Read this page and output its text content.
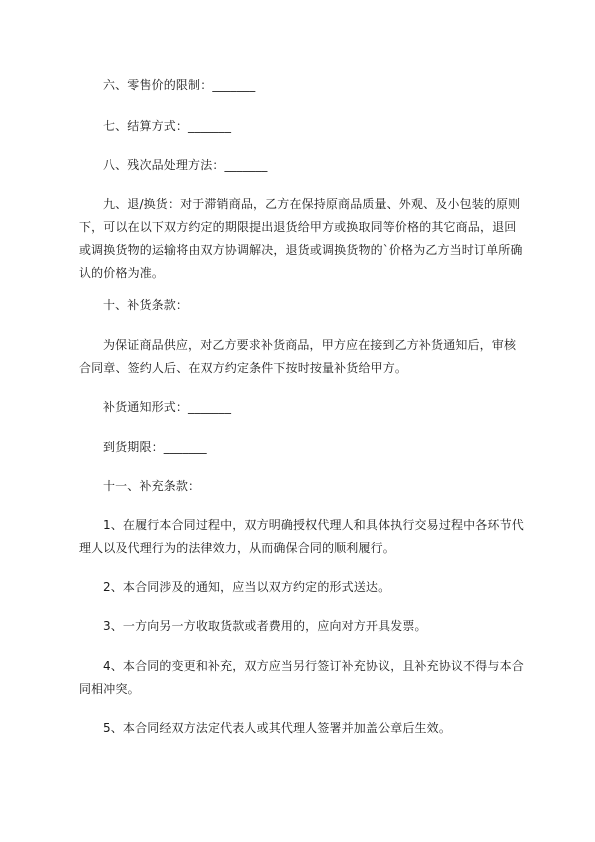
六、零售价的限制：_______

七、结算方式：_______

八、残次品处理方法：_______

九、退/换货：对于滞销商品，乙方在保持原商品质量、外观、及小包装的原则下，可以在以下双方约定的期限提出退货给甲方或换取同等价格的其它商品，退回或调换货物的运输将由双方协调解决，退货或调换货物的`价格为乙方当时订单所确认的价格为准。

十、补货条款：

为保证商品供应，对乙方要求补货商品，甲方应在接到乙方补货通知后，审核合同章、签约人后、在双方约定条件下按时按量补货给甲方。

补货通知形式：_______

到货期限：_______

十一、补充条款：

1、在履行本合同过程中，双方明确授权代理人和具体执行交易过程中各环节代理人以及代理行为的法律效力，从而确保合同的顺利履行。

2、本合同涉及的通知，应当以双方约定的形式送达。

3、一方向另一方收取货款或者费用的，应向对方开具发票。

4、本合同的变更和补充，双方应当另行签订补充协议，且补充协议不得与本合同相冲突。

5、本合同经双方法定代表人或其代理人签署并加盖公章后生效。
